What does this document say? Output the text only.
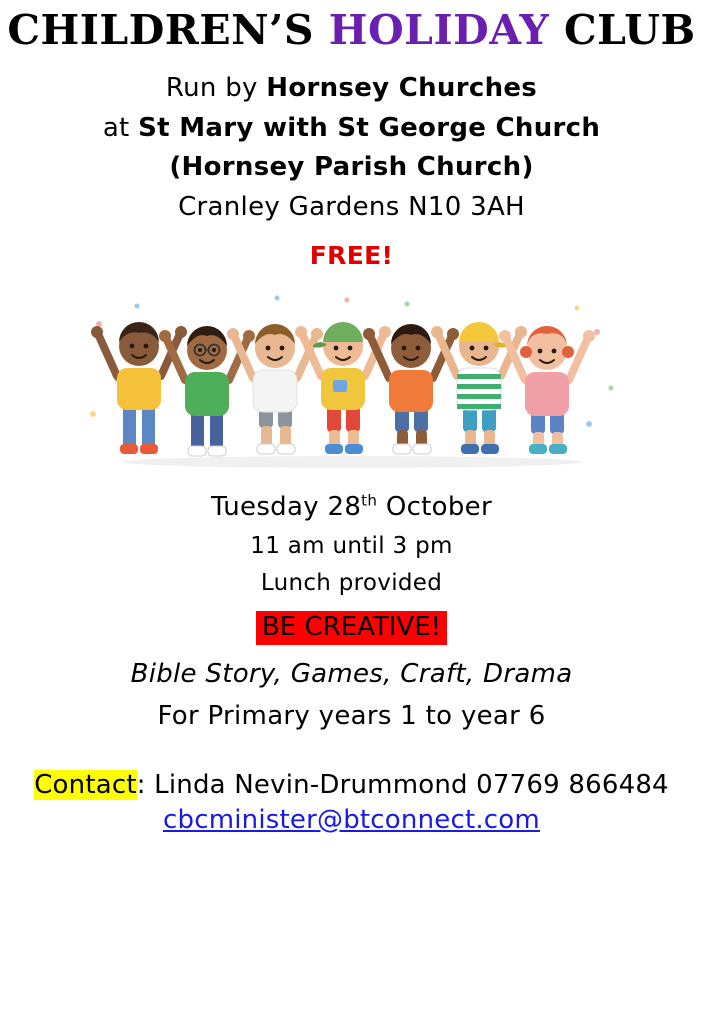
CHILDREN’S HOLIDAY CLUB
Run by Hornsey Churches
at St Mary with St George Church
(Hornsey Parish Church)
Cranley Gardens N10 3AH
FREE!
Tuesday 28th October
11 am until 3 pm
Lunch provided
BE CREATIVE!
Bible Story, Games, Craft, Drama
For Primary years 1 to year 6
Contact: Linda Nevin-Drummond 07769 866484
cbcminister@btconnect.com
